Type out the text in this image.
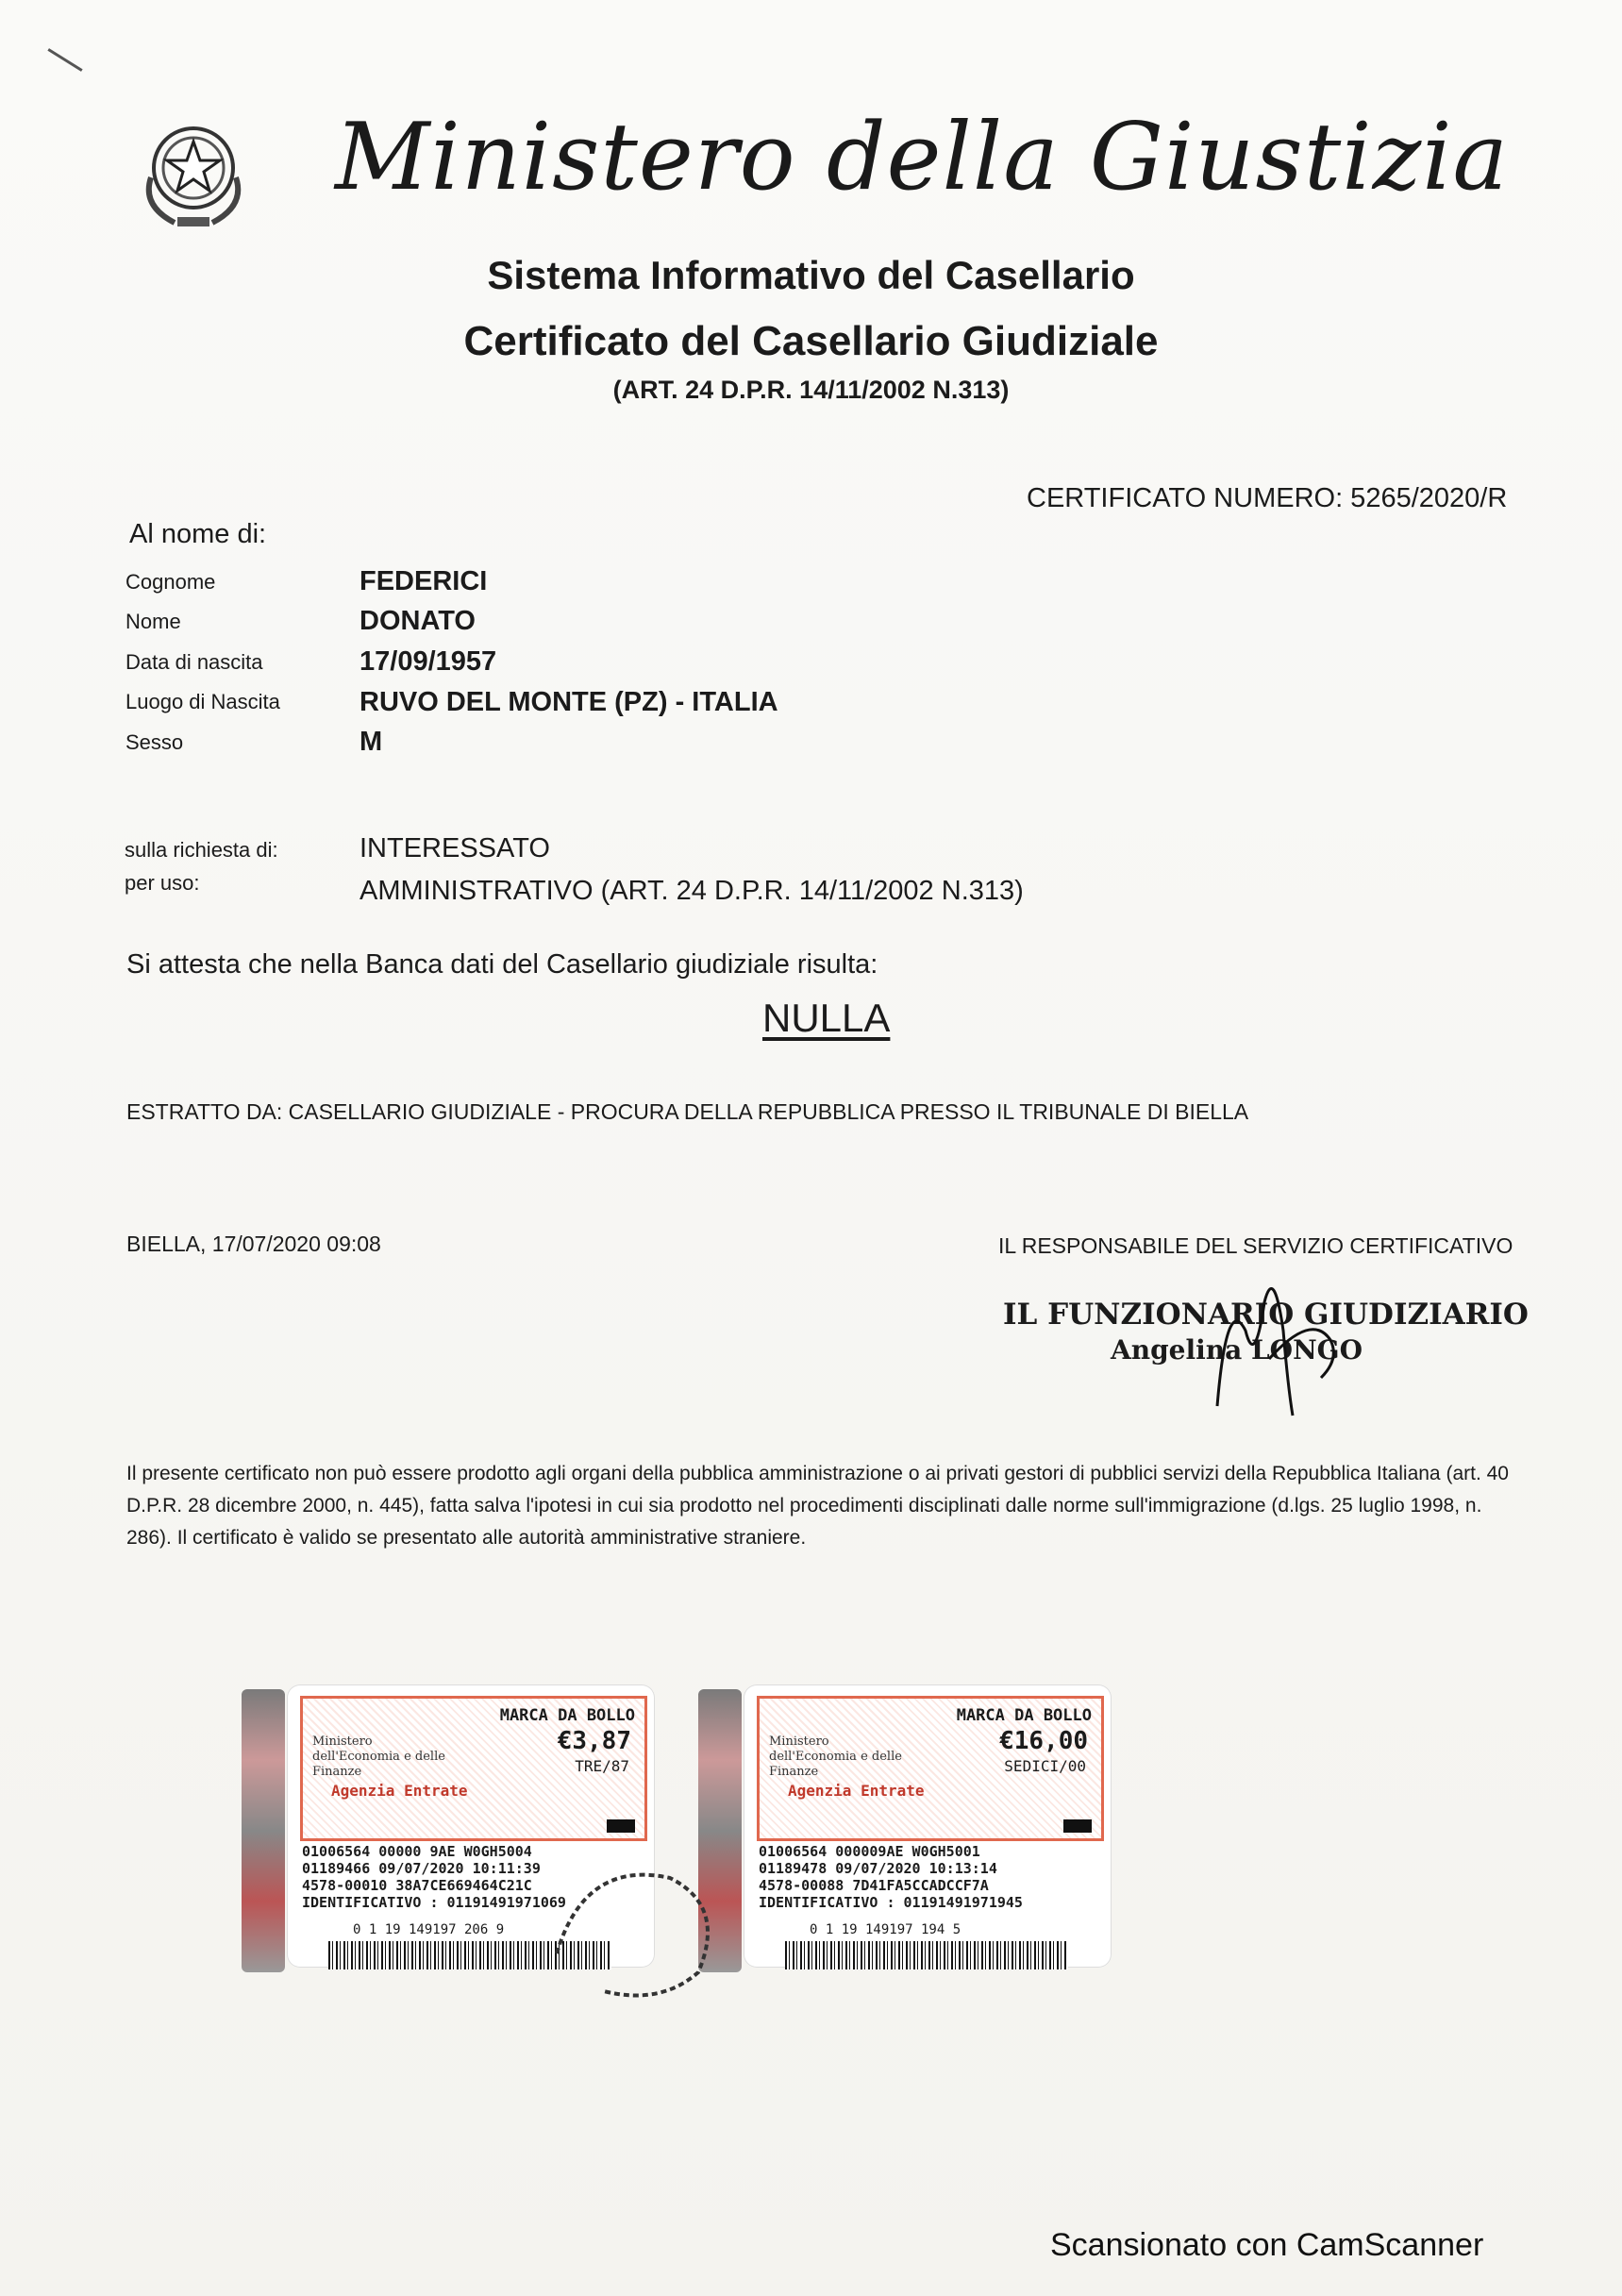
Ministero della Giustizia
Sistema Informativo del Casellario
Certificato del Casellario Giudiziale
(ART. 24 D.P.R. 14/11/2002 N.313)
CERTIFICATO NUMERO: 5265/2020/R
Al nome di:
Cognome	FEDERICI
Nome	DONATO
Data di nascita	17/09/1957
Luogo di Nascita	RUVO DEL MONTE (PZ) - ITALIA
Sesso	M
sulla richiesta di:	INTERESSATO
per uso:	AMMINISTRATIVO (ART. 24 D.P.R. 14/11/2002 N.313)
Si attesta che nella Banca dati del Casellario giudiziale risulta:
NULLA
ESTRATTO DA: CASELLARIO GIUDIZIALE - PROCURA DELLA REPUBBLICA PRESSO IL TRIBUNALE DI BIELLA
BIELLA, 17/07/2020 09:08	IL RESPONSABILE DEL SERVIZIO CERTIFICATIVO
IL FUNZIONARIO GIUDIZIARIO
Angelina LONGO
Il presente certificato non può essere prodotto agli organi della pubblica amministrazione o ai privati gestori di pubblici servizi della Repubblica Italiana (art. 40 D.P.R. 28 dicembre 2000, n. 445), fatta salva l'ipotesi in cui sia prodotto nel procedimenti disciplinati dalle norme sull'immigrazione (d.lgs. 25 luglio 1998, n. 286). Il certificato è valido se presentato alle autorità amministrative straniere.
Ministero dell'Economia e delle Finanze
MARCA DA BOLLO
€3,87
TRE/87
Agenzia Entrate
01006564 00000 9AE W0GH5004
01189466 09/07/2020 10:11:39
4578-00010 38A7CE669464C21C
IDENTIFICATIVO : 01191491971069
0 1 19 149197 206 9
Ministero dell'Economia e delle Finanze
MARCA DA BOLLO
€16,00
SEDICI/00
Agenzia Entrate
01006564 000009AE W0GH5001
01189478 09/07/2020 10:13:14
4578-00088 7D41FA5CCADCCF7A
IDENTIFICATIVO : 01191491971945
0 1 19 149197 194 5
Scansionato con CamScanner
